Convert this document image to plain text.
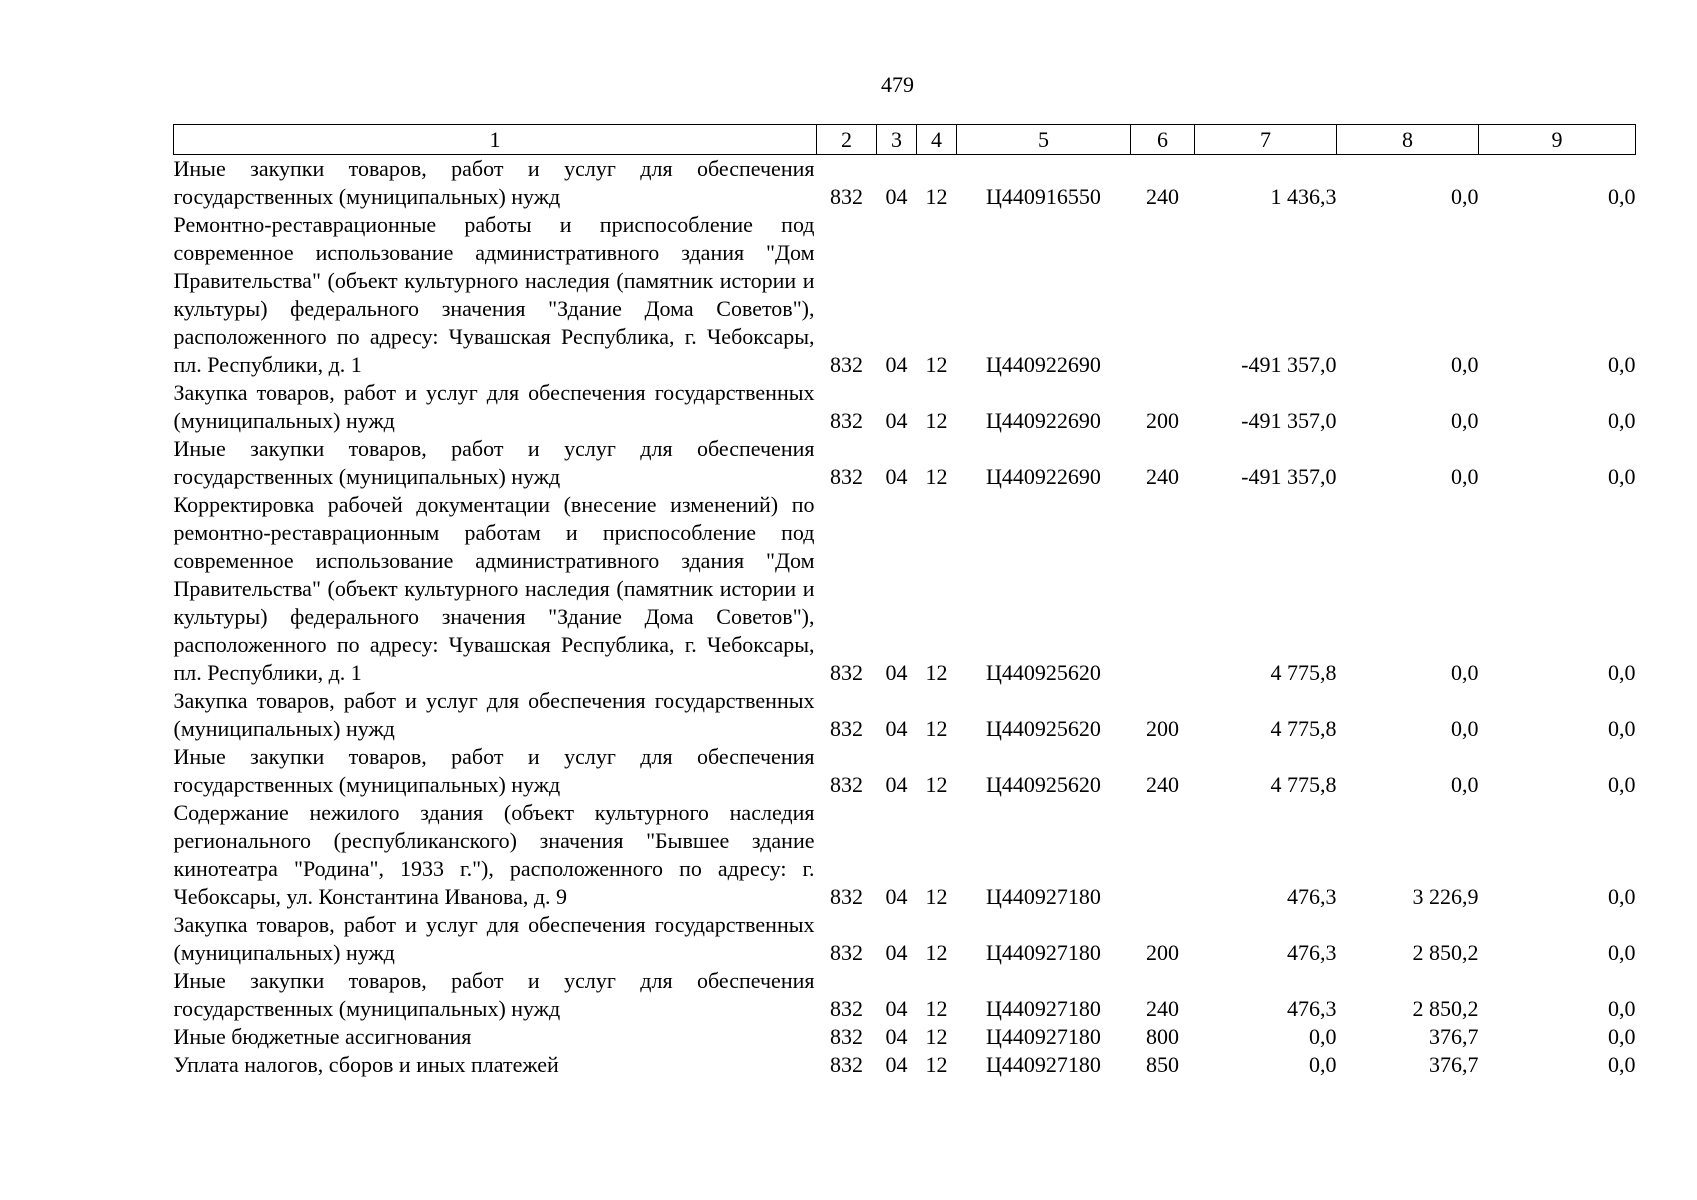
479
1	2	3	4	5	6	7	8	9
Иные закупки товаров, работ и услуг для обеспечения государственных (муниципальных) нужд	832	04	12	Ц440916550	240	1 436,3	0,0	0,0
Ремонтно-реставрационные работы и приспособление под современное использование административного здания "Дом Правительства" (объект культурного наследия (памятник истории и культуры) федерального значения "Здание Дома Советов"), расположенного по адресу: Чувашская Республика, г. Чебоксары, пл. Республики, д. 1	832	04	12	Ц440922690		-491 357,0	0,0	0,0
Закупка товаров, работ и услуг для обеспечения государственных (муниципальных) нужд	832	04	12	Ц440922690	200	-491 357,0	0,0	0,0
Иные закупки товаров, работ и услуг для обеспечения государственных (муниципальных) нужд	832	04	12	Ц440922690	240	-491 357,0	0,0	0,0
Корректировка рабочей документации (внесение изменений) по ремонтно-реставрационным работам и приспособление под современное использование административного здания "Дом Правительства" (объект культурного наследия (памятник истории и культуры) федерального значения "Здание Дома Советов"), расположенного по адресу: Чувашская Республика, г. Чебоксары, пл. Республики, д. 1	832	04	12	Ц440925620		4 775,8	0,0	0,0
Закупка товаров, работ и услуг для обеспечения государственных (муниципальных) нужд	832	04	12	Ц440925620	200	4 775,8	0,0	0,0
Иные закупки товаров, работ и услуг для обеспечения государственных (муниципальных) нужд	832	04	12	Ц440925620	240	4 775,8	0,0	0,0
Содержание нежилого здания (объект культурного наследия регионального (республиканского) значения "Бывшее здание кинотеатра "Родина", 1933 г."), расположенного по адресу: г. Чебоксары, ул. Константина Иванова, д. 9	832	04	12	Ц440927180		476,3	3 226,9	0,0
Закупка товаров, работ и услуг для обеспечения государственных (муниципальных) нужд	832	04	12	Ц440927180	200	476,3	2 850,2	0,0
Иные закупки товаров, работ и услуг для обеспечения государственных (муниципальных) нужд	832	04	12	Ц440927180	240	476,3	2 850,2	0,0
Иные бюджетные ассигнования	832	04	12	Ц440927180	800	0,0	376,7	0,0
Уплата налогов, сборов и иных платежей	832	04	12	Ц440927180	850	0,0	376,7	0,0
